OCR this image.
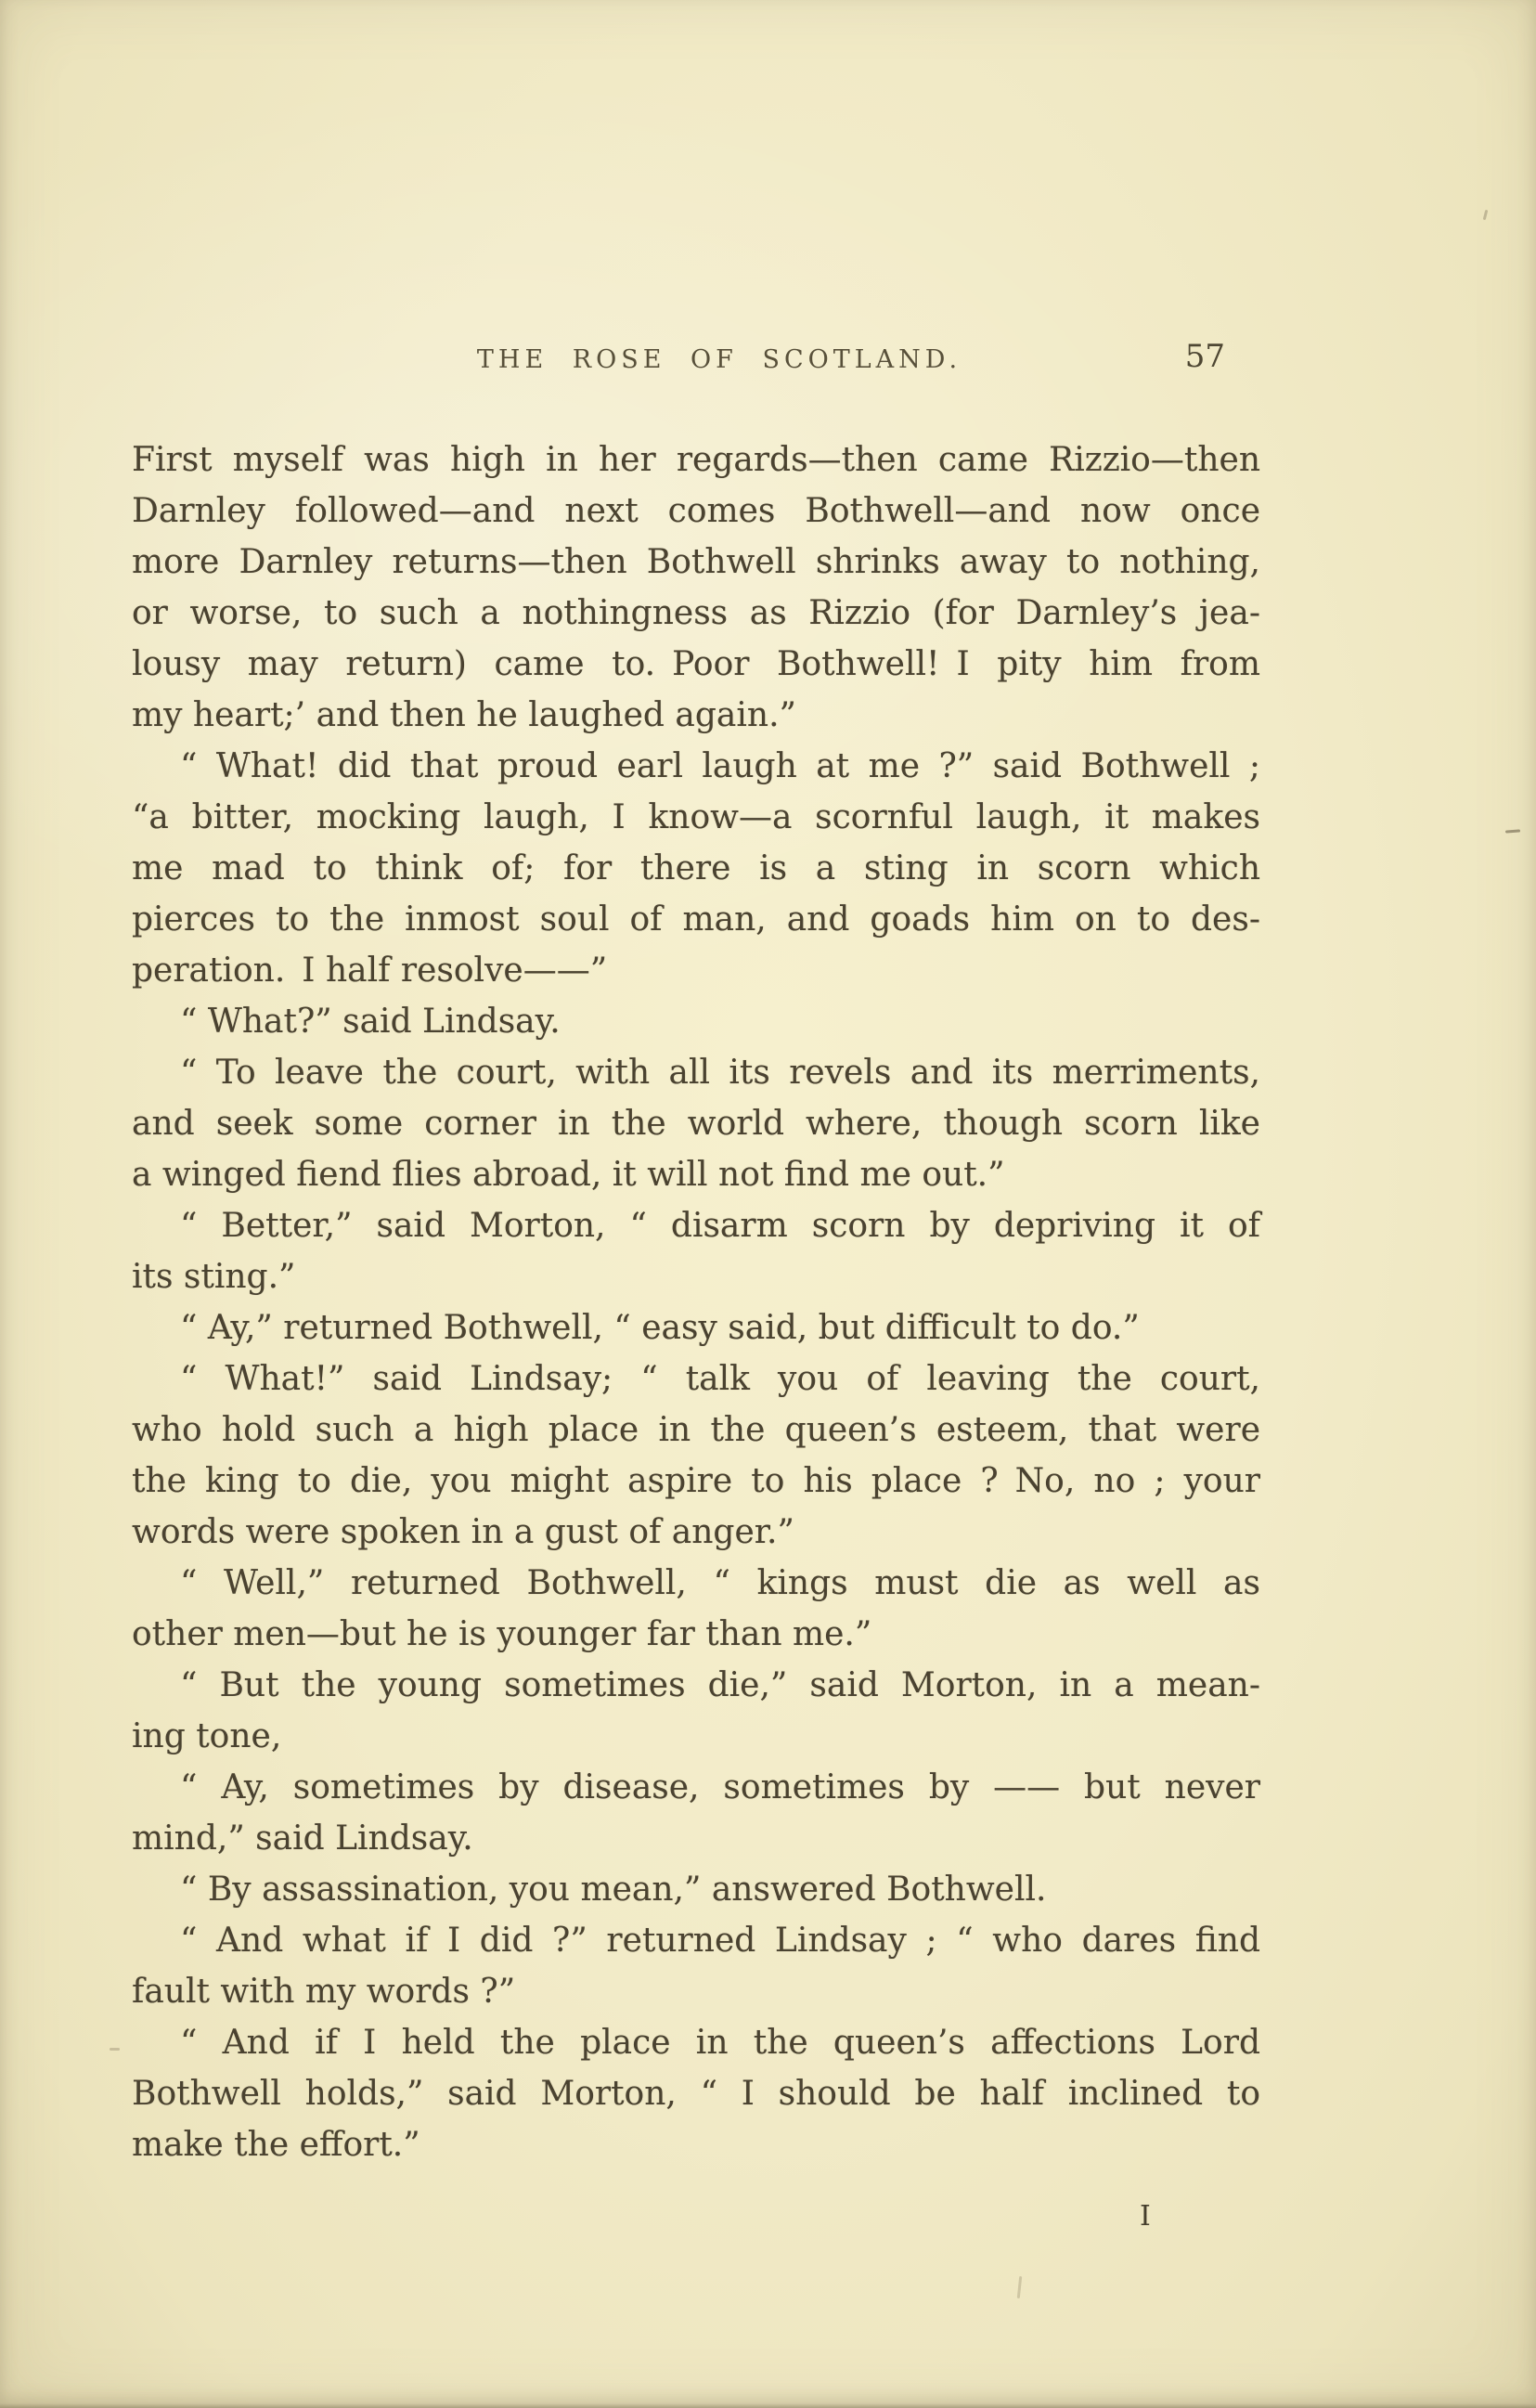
THE ROSE OF SCOTLAND.	57
First myself was high in her regards—then came Rizzio—then
Darnley followed—and next comes Bothwell—and now once
more Darnley returns—then Bothwell shrinks away to nothing,
or worse, to such a nothingness as Rizzio (for Darnley’s jea-
lousy may return) came to. Poor Bothwell! I pity him from
my heart;’ and then he laughed again.”
“ What! did that proud earl laugh at me ?” said Bothwell ;
“a bitter, mocking laugh, I know—a scornful laugh, it makes
me mad to think of; for there is a sting in scorn which
pierces to the inmost soul of man, and goads him on to des-
peration. I half resolve——”
“ What?” said Lindsay.
“ To leave the court, with all its revels and its merriments,
and seek some corner in the world where, though scorn like
a winged fiend flies abroad, it will not find me out.”
“ Better,” said Morton, “ disarm scorn by depriving it of
its sting.”
“ Ay,” returned Bothwell, “ easy said, but difficult to do.”
“ What!” said Lindsay; “ talk you of leaving the court,
who hold such a high place in the queen’s esteem, that were
the king to die, you might aspire to his place ? No, no ; your
words were spoken in a gust of anger.”
“ Well,” returned Bothwell, “ kings must die as well as
other men—but he is younger far than me.”
“ But the young sometimes die,” said Morton, in a mean-
ing tone,
“ Ay, sometimes by disease, sometimes by —— but never
mind,” said Lindsay.
“ By assassination, you mean,” answered Bothwell.
“ And what if I did ?” returned Lindsay ; “ who dares find
fault with my words ?”
“ And if I held the place in the queen’s affections Lord
Bothwell holds,” said Morton, “ I should be half inclined to
make the effort.”
I
